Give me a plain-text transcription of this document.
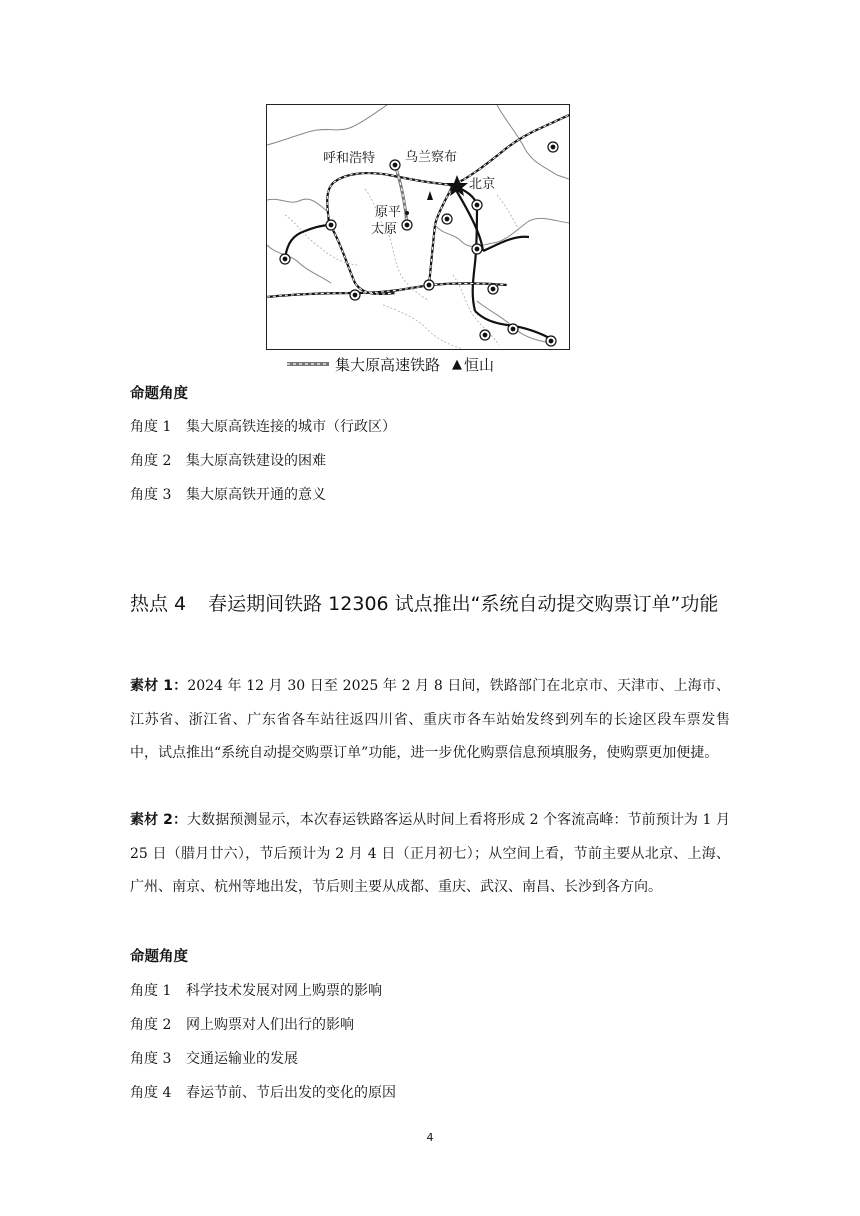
呼和浩特 乌兰察布
北京
原平
太原
集大原高速铁路 ▲ 恒山
命题角度
角度 1 集大原高铁连接的城市（行政区）
角度 2 集大原高铁建设的困难
角度 3 集大原高铁开通的意义
热点 4 春运期间铁路 12306 试点推出“系统自动提交购票订单”功能
素材 1：2024 年 12 月 30 日至 2025 年 2 月 8 日间，铁路部门在北京市、天津市、上海市、江苏省、浙江省、广东省各车站往返四川省、重庆市各车站始发终到列车的长途区段车票发售中，试点推出“系统自动提交购票订单”功能，进一步优化购票信息预填服务，使购票更加便捷。
素材 2：大数据预测显示，本次春运铁路客运从时间上看将形成 2 个客流高峰：节前预计为 1 月 25 日（腊月廿六），节后预计为 2 月 4 日（正月初七）；从空间上看，节前主要从北京、上海、广州、南京、杭州等地出发，节后则主要从成都、重庆、武汉、南昌、长沙到各方向。
命题角度
角度 1 科学技术发展对网上购票的影响
角度 2 网上购票对人们出行的影响
角度 3 交通运输业的发展
角度 4 春运节前、节后出发的变化的原因
4
